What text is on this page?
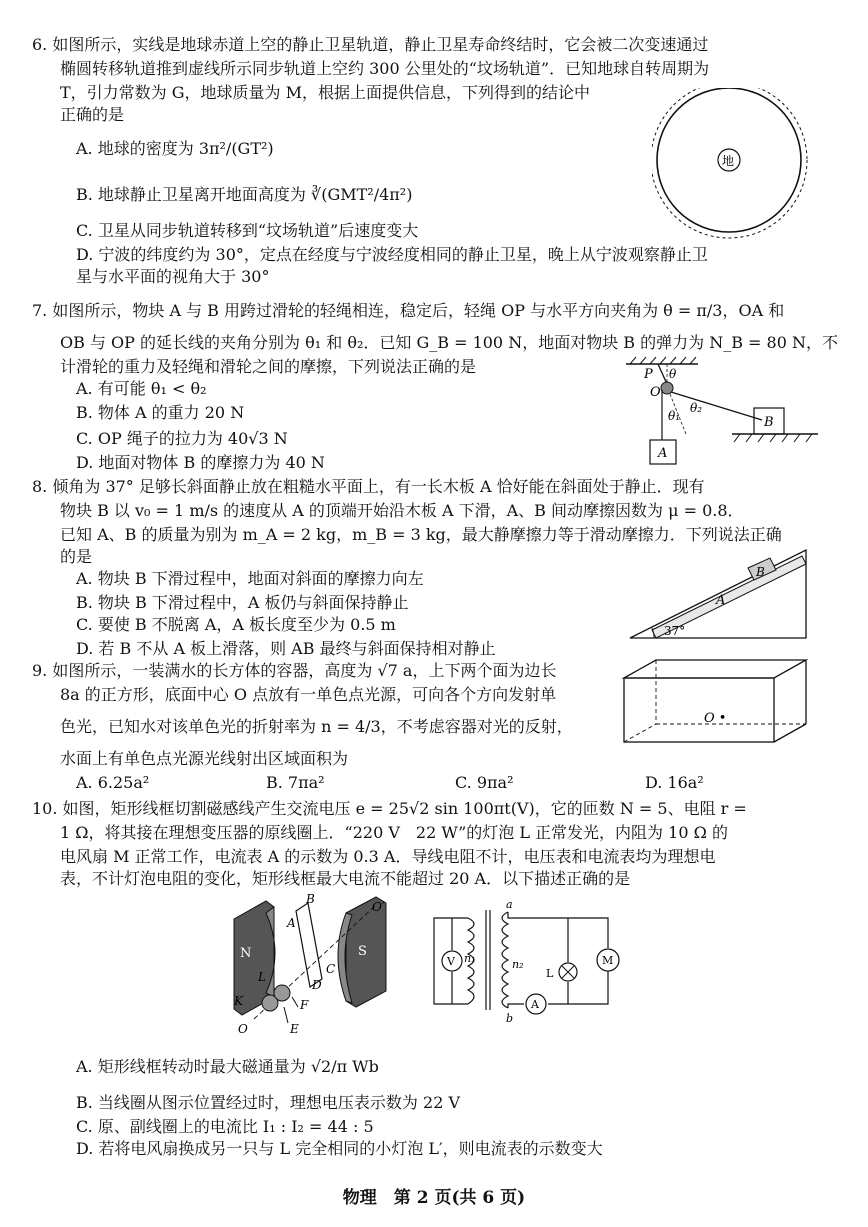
6. 如图所示，实线是地球赤道上空的静止卫星轨道，静止卫星寿命终结时，它会被二次变速通过
椭圆转移轨道推到虚线所示同步轨道上空约 300 公里处的“坟场轨道”．已知地球自转周期为
T，引力常数为 G，地球质量为 M，根据上面提供信息，下列得到的结论中
正确的是
A. 地球的密度为 3π²/(GT²)
B. 地球静止卫星离开地面高度为 ∛(GMT²/4π²)
C. 卫星从同步轨道转移到“坟场轨道”后速度变大
D. 宁波的纬度约为 30°，定点在经度与宁波经度相同的静止卫星，晚上从宁波观察静止卫
星与水平面的视角大于 30°
地
7. 如图所示，物块 A 与 B 用跨过滑轮的轻绳相连，稳定后，轻绳 OP 与水平方向夹角为 θ = π/3，OA 和
OB 与 OP 的延长线的夹角分别为 θ₁ 和 θ₂．已知 G_B = 100 N，地面对物块 B 的弹力为 N_B = 80 N，不
计滑轮的重力及轻绳和滑轮之间的摩擦，下列说法正确的是
A. 有可能 θ₁ < θ₂
B. 物体 A 的重力 20 N
C. OP 绳子的拉力为 40√3 N
D. 地面对物体 B 的摩擦力为 40 N
P
O
θ
θ₁
θ₂
A
B
8. 倾角为 37° 足够长斜面静止放在粗糙水平面上，有一长木板 A 恰好能在斜面处于静止．现有
物块 B 以 v₀ = 1 m/s 的速度从 A 的顶端开始沿木板 A 下滑，A、B 间动摩擦因数为 μ = 0.8．
已知 A、B 的质量为别为 m_A = 2 kg，m_B = 3 kg，最大静摩擦力等于滑动摩擦力．下列说法正确
的是
A. 物块 B 下滑过程中，地面对斜面的摩擦力向左
B. 物块 B 下滑过程中，A 板仍与斜面保持静止
C. 要使 B 不脱离 A，A 板长度至少为 0.5 m
D. 若 B 不从 A 板上滑落，则 AB 最终与斜面保持相对静止
A
B
37°
9. 如图所示，一装满水的长方体的容器，高度为 √7 a，上下两个面为边长
8a 的正方形，底面中心 O 点放有一单色点光源，可向各个方向发射单
色光，已知水对该单色光的折射率为 n = 4/3，不考虑容器对光的反射，
水面上有单色点光源光线射出区域面积为
A. 6.25a²	B. 7πa²	C. 9πa²	D. 16a²
O •
10. 如图，矩形线框切割磁感线产生交流电压 e = 25√2 sin 100πt(V)，它的匝数 N = 5、电阻 r =
1 Ω，将其接在理想变压器的原线圈上．“220 V　22 W”的灯泡 L 正常发光，内阻为 10 Ω 的
电风扇 M 正常工作，电流表 A 的示数为 0.3 A．导线电阻不计，电压表和电流表均为理想电
表，不计灯泡电阻的变化，矩形线框最大电流不能超过 20 A．以下描述正确的是
N	S
A
B
C
D
E
F
K
L
O
O′
V n₁	n₂
L
M
A
a
b
A. 矩形线框转动时最大磁通量为 √2/π Wb
B. 当线圈从图示位置经过时，理想电压表示数为 22 V
C. 原、副线圈上的电流比 I₁ : I₂ = 44 : 5
D. 若将电风扇换成另一只与 L 完全相同的小灯泡 L′，则电流表的示数变大
物理　第 2 页(共 6 页)
